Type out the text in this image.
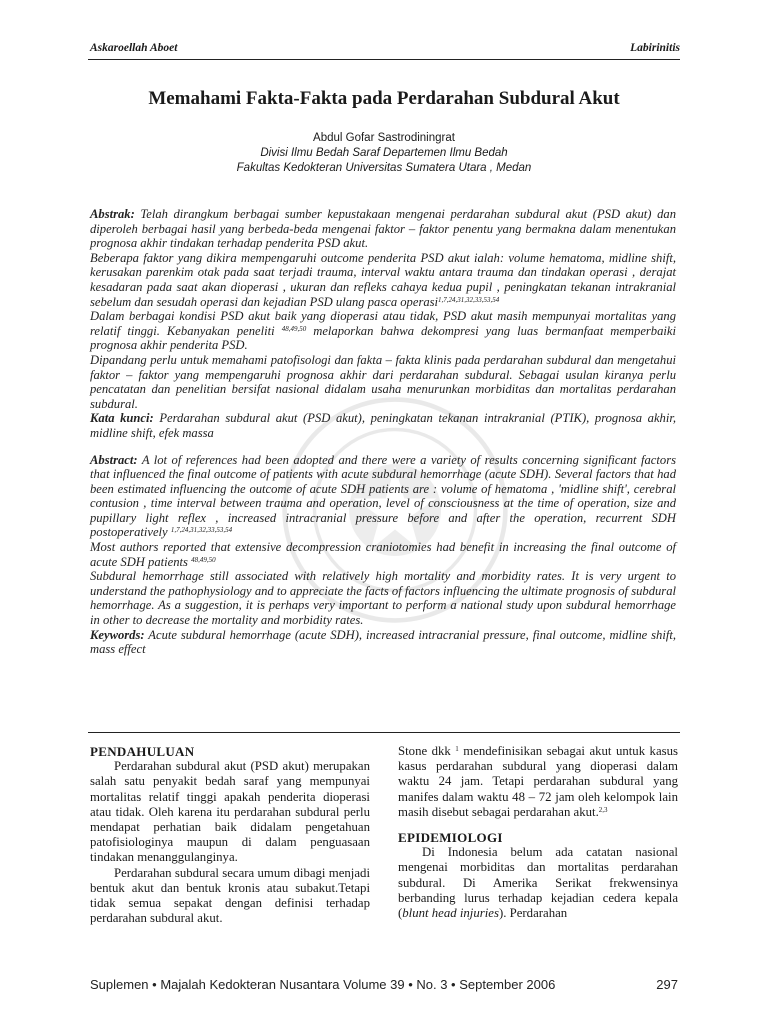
Askaroellah Aboet	Labirinitis
Memahami Fakta-Fakta pada Perdarahan Subdural Akut
Abdul Gofar Sastrodiningrat
Divisi Ilmu Bedah Saraf Departemen Ilmu Bedah
Fakultas Kedokteran Universitas Sumatera Utara , Medan

Abstrak: Telah dirangkum berbagai sumber kepustakaan mengenai perdarahan subdural akut (PSD akut) dan diperoleh berbagai hasil yang berbeda-beda mengenai faktor – faktor penentu yang bermakna dalam menentukan prognosa akhir tindakan terhadap penderita PSD akut.

Beberapa faktor yang dikira mempengaruhi outcome penderita PSD akut ialah: volume hematoma, midline shift, kerusakan parenkim otak pada saat terjadi trauma, interval waktu antara trauma dan tindakan operasi , derajat kesadaran pada saat akan dioperasi , ukuran dan refleks cahaya kedua pupil , peningkatan tekanan intrakranial sebelum dan sesudah operasi dan kejadian PSD ulang pasca operasi$^{1,7,24,31,32,33,53,54}$

Dalam berbagai kondisi PSD akut baik yang dioperasi atau tidak, PSD akut masih mempunyai mortalitas yang relatif tinggi. Kebanyakan peneliti $^{48,49,50}$ melaporkan bahwa dekompresi yang luas bermanfaat memperbaiki prognosa akhir penderita PSD.

Dipandang perlu untuk memahami patofisologi dan fakta – fakta klinis pada perdarahan subdural dan mengetahui faktor – faktor yang mempengaruhi prognosa akhir dari perdarahan subdural. Sebagai usulan kiranya perlu pencatatan dan penelitian bersifat nasional didalam usaha menurunkan morbiditas dan mortalitas perdarahan subdural.

Kata kunci: Perdarahan subdural akut (PSD akut), peningkatan tekanan intrakranial (PTIK), prognosa akhir, midline shift, efek massa

Abstract: A lot of references had been adopted and there were a variety of results concerning significant factors that influenced the final outcome of patients with acute subdural hemorrhage (acute SDH). Several factors that had been estimated influencing the outcome of acute SDH patients are : volume of hematoma , 'midline shift', cerebral contusion , time interval between trauma and operation, level of consciousness at the time of operation, size and pupillary light reflex , increased intracranial pressure before and after the operation, recurrent SDH postoperatively $^{1,7,24,31,32,33,53,54}$

Most authors reported that extensive decompression craniotomies had benefit in increasing the final outcome of acute SDH patients $^{48,49,50}$

Subdural hemorrhage still associated with relatively high mortality and morbidity rates. It is very urgent to understand the pathophysiology and to appreciate the facts of factors influencing the ultimate prognosis of subdural hemorrhage. As a suggestion, it is perhaps very important to perform a national study upon subdural hemorrhage in other to decrease the mortality and morbidity rates.

Keywords: Acute subdural hemorrhage (acute SDH), increased intracranial pressure, final outcome, midline shift, mass effect

PENDAHULUAN

Perdarahan subdural akut (PSD akut) merupakan salah satu penyakit bedah saraf yang mempunyai mortalitas relatif tinggi apakah penderita dioperasi atau tidak. Oleh karena itu perdarahan subdural perlu mendapat perhatian baik didalam pengetahuan patofisiologinya maupun di dalam penguasaan tindakan menanggulanginya.

Perdarahan subdural secara umum dibagi menjadi bentuk akut dan bentuk kronis atau subakut.Tetapi tidak semua sepakat dengan definisi terhadap perdarahan subdural akut.

Stone dkk $^1$ mendefinisikan sebagai akut untuk kasus kasus perdarahan subdural yang dioperasi dalam waktu 24 jam. Tetapi perdarahan subdural yang manifes dalam waktu 48 – 72 jam oleh kelompok lain masih disebut sebagai perdarahan akut.$^{2,3}$

EPIDEMIOLOGI

Di Indonesia belum ada catatan nasional mengenai morbiditas dan mortalitas perdarahan subdural. Di Amerika Serikat frekwensinya berbanding lurus terhadap kejadian cedera kepala (blunt head injuries). Perdarahan

Suplemen • Majalah Kedokteran Nusantara Volume 39 • No. 3 • September 2006	297
